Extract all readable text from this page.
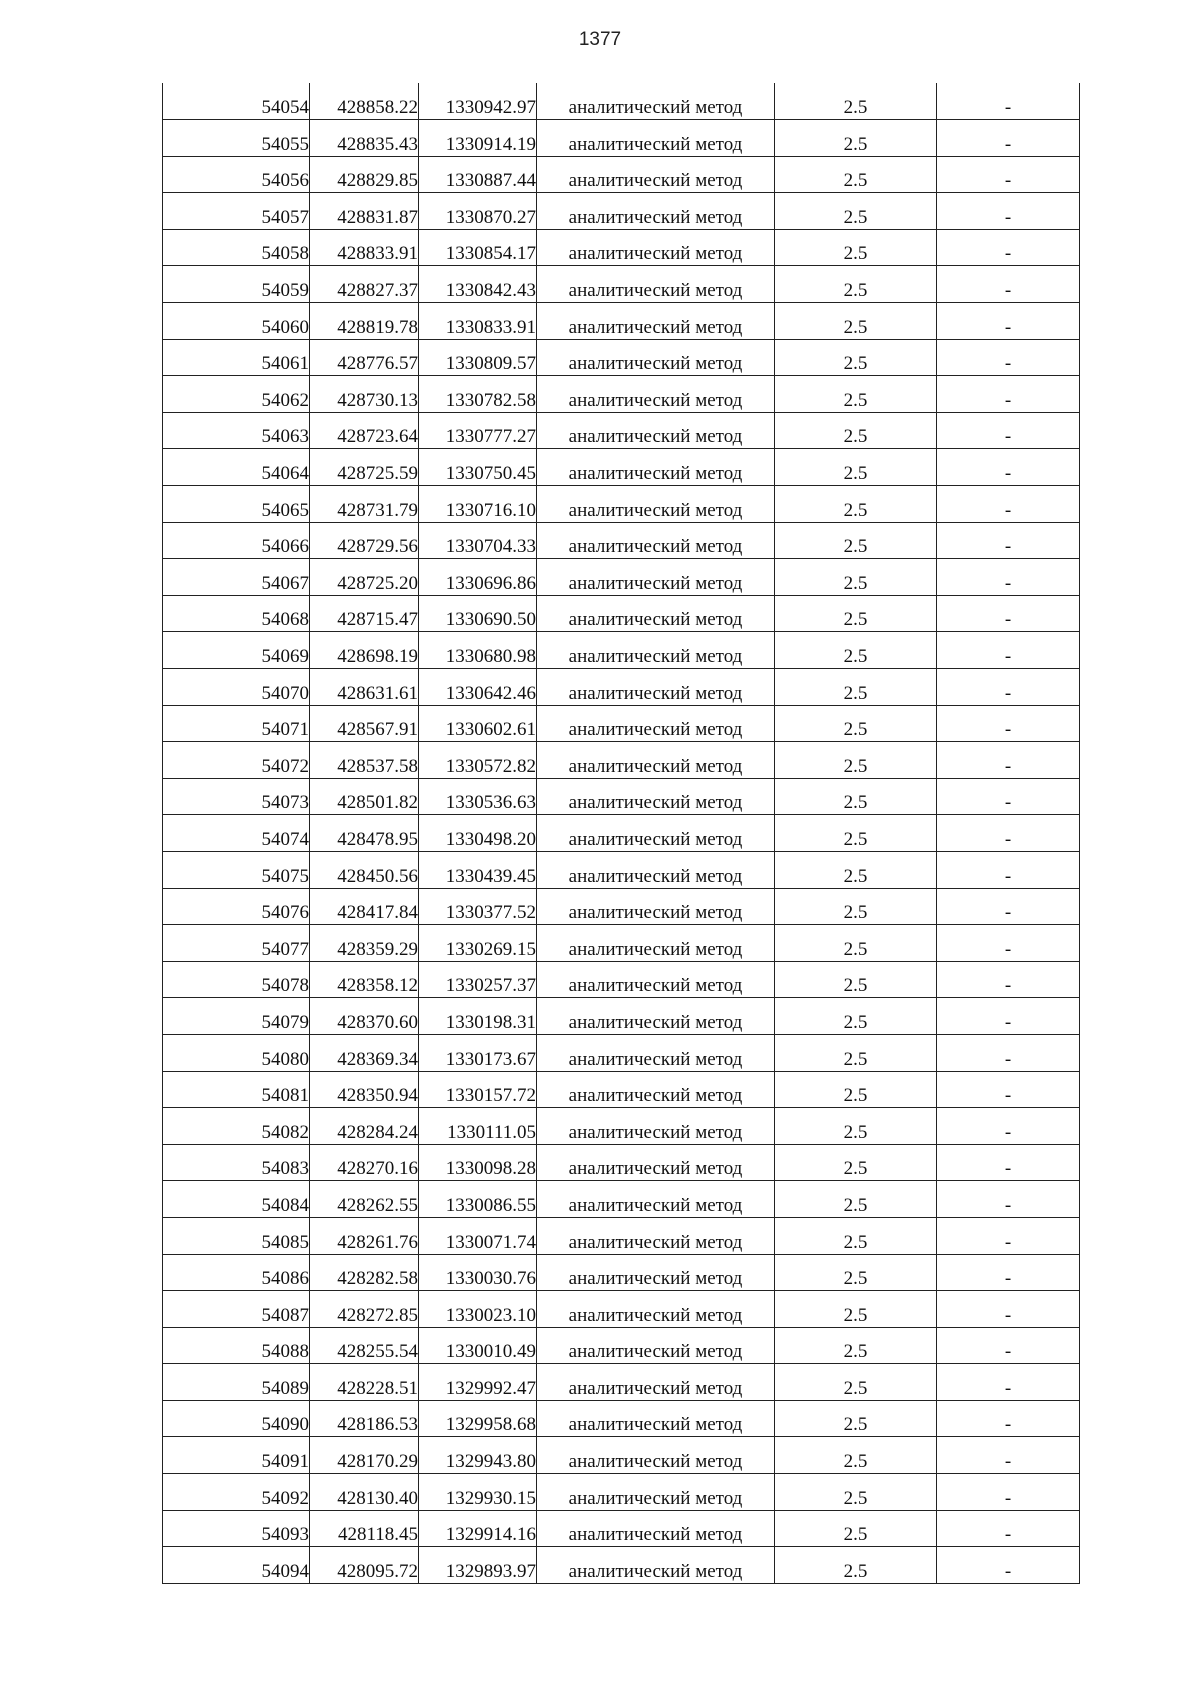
1377
54054	428858.22	1330942.97	аналитический метод	2.5	-
54055	428835.43	1330914.19	аналитический метод	2.5	-
54056	428829.85	1330887.44	аналитический метод	2.5	-
54057	428831.87	1330870.27	аналитический метод	2.5	-
54058	428833.91	1330854.17	аналитический метод	2.5	-
54059	428827.37	1330842.43	аналитический метод	2.5	-
54060	428819.78	1330833.91	аналитический метод	2.5	-
54061	428776.57	1330809.57	аналитический метод	2.5	-
54062	428730.13	1330782.58	аналитический метод	2.5	-
54063	428723.64	1330777.27	аналитический метод	2.5	-
54064	428725.59	1330750.45	аналитический метод	2.5	-
54065	428731.79	1330716.10	аналитический метод	2.5	-
54066	428729.56	1330704.33	аналитический метод	2.5	-
54067	428725.20	1330696.86	аналитический метод	2.5	-
54068	428715.47	1330690.50	аналитический метод	2.5	-
54069	428698.19	1330680.98	аналитический метод	2.5	-
54070	428631.61	1330642.46	аналитический метод	2.5	-
54071	428567.91	1330602.61	аналитический метод	2.5	-
54072	428537.58	1330572.82	аналитический метод	2.5	-
54073	428501.82	1330536.63	аналитический метод	2.5	-
54074	428478.95	1330498.20	аналитический метод	2.5	-
54075	428450.56	1330439.45	аналитический метод	2.5	-
54076	428417.84	1330377.52	аналитический метод	2.5	-
54077	428359.29	1330269.15	аналитический метод	2.5	-
54078	428358.12	1330257.37	аналитический метод	2.5	-
54079	428370.60	1330198.31	аналитический метод	2.5	-
54080	428369.34	1330173.67	аналитический метод	2.5	-
54081	428350.94	1330157.72	аналитический метод	2.5	-
54082	428284.24	1330111.05	аналитический метод	2.5	-
54083	428270.16	1330098.28	аналитический метод	2.5	-
54084	428262.55	1330086.55	аналитический метод	2.5	-
54085	428261.76	1330071.74	аналитический метод	2.5	-
54086	428282.58	1330030.76	аналитический метод	2.5	-
54087	428272.85	1330023.10	аналитический метод	2.5	-
54088	428255.54	1330010.49	аналитический метод	2.5	-
54089	428228.51	1329992.47	аналитический метод	2.5	-
54090	428186.53	1329958.68	аналитический метод	2.5	-
54091	428170.29	1329943.80	аналитический метод	2.5	-
54092	428130.40	1329930.15	аналитический метод	2.5	-
54093	428118.45	1329914.16	аналитический метод	2.5	-
54094	428095.72	1329893.97	аналитический метод	2.5	-
